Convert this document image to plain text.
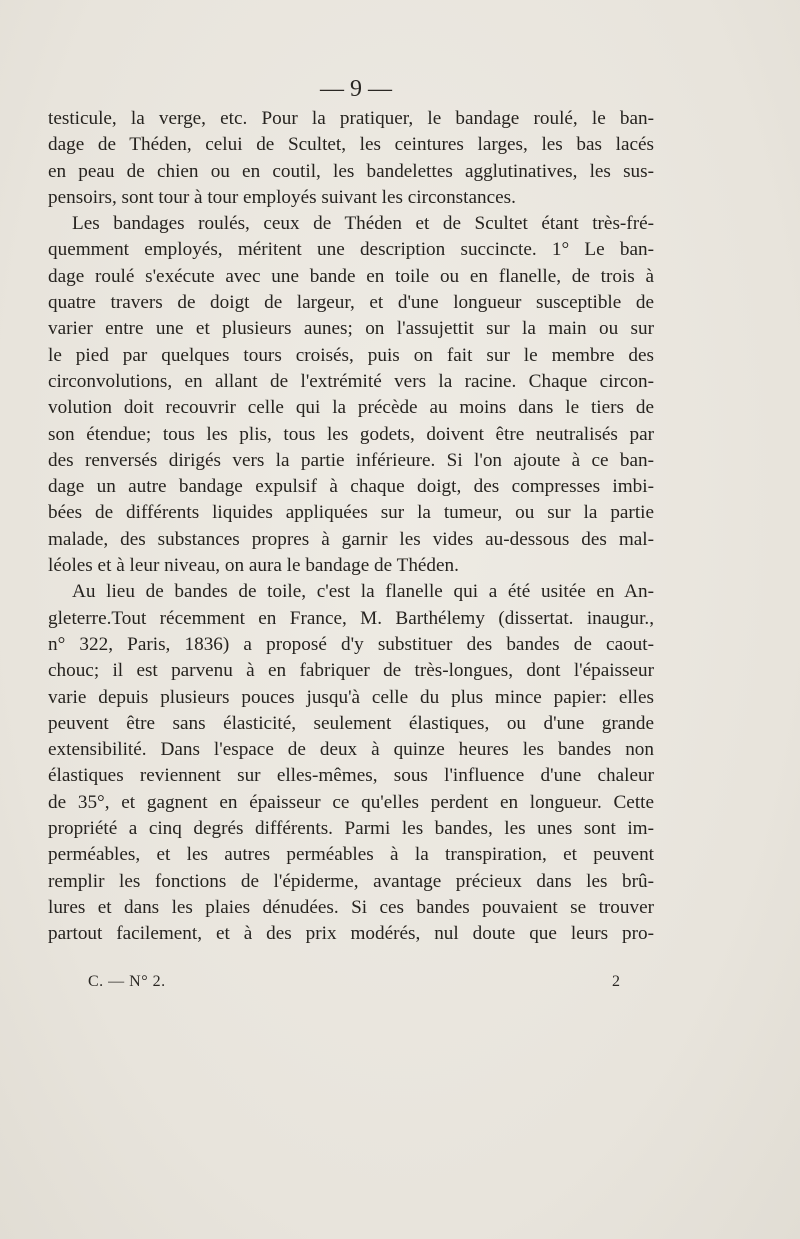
— 9 —
testicule, la verge, etc. Pour la pratiquer, le bandage roulé, le ban-
dage de Théden, celui de Scultet, les ceintures larges, les bas lacés
en peau de chien ou en coutil, les bandelettes agglutinatives, les sus-
pensoirs, sont tour à tour employés suivant les circonstances.
Les bandages roulés, ceux de Théden et de Scultet étant très-fré-
quemment employés, méritent une description succincte. 1° Le ban-
dage roulé s'exécute avec une bande en toile ou en flanelle, de trois à
quatre travers de doigt de largeur, et d'une longueur susceptible de
varier entre une et plusieurs aunes; on l'assujettit sur la main ou sur
le pied par quelques tours croisés, puis on fait sur le membre des
circonvolutions, en allant de l'extrémité vers la racine. Chaque circon-
volution doit recouvrir celle qui la précède au moins dans le tiers de
son étendue; tous les plis, tous les godets, doivent être neutralisés par
des renversés dirigés vers la partie inférieure. Si l'on ajoute à ce ban-
dage un autre bandage expulsif à chaque doigt, des compresses imbi-
bées de différents liquides appliquées sur la tumeur, ou sur la partie
malade, des substances propres à garnir les vides au-dessous des mal-
léoles et à leur niveau, on aura le bandage de Théden.
Au lieu de bandes de toile, c'est la flanelle qui a été usitée en An-
gleterre.Tout récemment en France, M. Barthélemy (dissertat. inaugur.,
n° 322, Paris, 1836) a proposé d'y substituer des bandes de caout-
chouc; il est parvenu à en fabriquer de très-longues, dont l'épaisseur
varie depuis plusieurs pouces jusqu'à celle du plus mince papier: elles
peuvent être sans élasticité, seulement élastiques, ou d'une grande
extensibilité. Dans l'espace de deux à quinze heures les bandes non
élastiques reviennent sur elles-mêmes, sous l'influence d'une chaleur
de 35°, et gagnent en épaisseur ce qu'elles perdent en longueur. Cette
propriété a cinq degrés différents. Parmi les bandes, les unes sont im-
perméables, et les autres perméables à la transpiration, et peuvent
remplir les fonctions de l'épiderme, avantage précieux dans les brû-
lures et dans les plaies dénudées. Si ces bandes pouvaient se trouver
partout facilement, et à des prix modérés, nul doute que leurs pro-
C. — N° 2.	2
